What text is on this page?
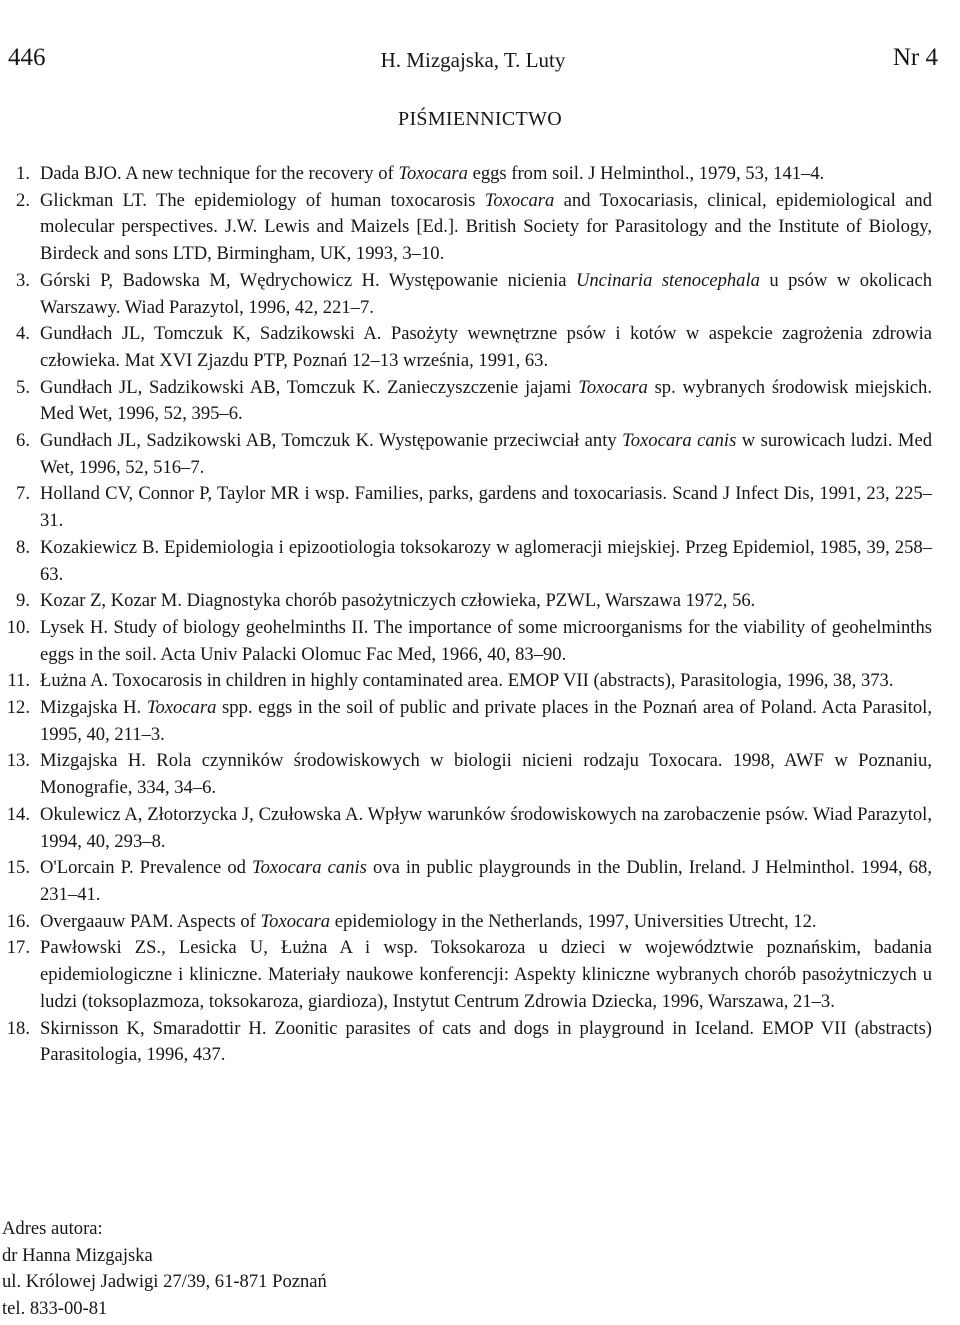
446	H. Mizgajska, T. Luty	Nr 4
PIŚMIENNICTWO
1. Dada BJO. A new technique for the recovery of Toxocara eggs from soil. J Helminthol., 1979, 53, 141–4.
2. Glickman LT. The epidemiology of human toxocarosis Toxocara and Toxocariasis, clinical, epidemiological and molecular perspectives. J.W. Lewis and Maizels [Ed.]. British Society for Parasitology and the Institute of Biology, Birdeck and sons LTD, Birmingham, UK, 1993, 3–10.
3. Górski P, Badowska M, Wędrychowicz H. Występowanie nicienia Uncinaria stenocephala u psów w okolicach Warszawy. Wiad Parazytol, 1996, 42, 221–7.
4. Gundłach JL, Tomczuk K, Sadzikowski A. Pasożyty wewnętrzne psów i kotów w aspekcie zagrożenia zdrowia człowieka. Mat XVI Zjazdu PTP, Poznań 12–13 września, 1991, 63.
5. Gundłach JL, Sadzikowski AB, Tomczuk K. Zanieczyszczenie jajami Toxocara sp. wybranych środowisk miejskich. Med Wet, 1996, 52, 395–6.
6. Gundłach JL, Sadzikowski AB, Tomczuk K. Występowanie przeciwciał anty Toxocara canis w surowicach ludzi. Med Wet, 1996, 52, 516–7.
7. Holland CV, Connor P, Taylor MR i wsp. Families, parks, gardens and toxocariasis. Scand J Infect Dis, 1991, 23, 225–31.
8. Kozakiewicz B. Epidemiologia i epizootiologia toksokarozy w aglomeracji miejskiej. Przeg Epidemiol, 1985, 39, 258–63.
9. Kozar Z, Kozar M. Diagnostyka chorób pasożytniczych człowieka, PZWL, Warszawa 1972, 56.
10. Lysek H. Study of biology geohelminths II. The importance of some microorganisms for the viability of geohelminths eggs in the soil. Acta Univ Palacki Olomuc Fac Med, 1966, 40, 83–90.
11. Łużna A. Toxocarosis in children in highly contaminated area. EMOP VII (abstracts), Parasitologia, 1996, 38, 373.
12. Mizgajska H. Toxocara spp. eggs in the soil of public and private places in the Poznań area of Poland. Acta Parasitol, 1995, 40, 211–3.
13. Mizgajska H. Rola czynników środowiskowych w biologii nicieni rodzaju Toxocara. 1998, AWF w Poznaniu, Monografie, 334, 34–6.
14. Okulewicz A, Złotorzycka J, Czułowska A. Wpływ warunków środowiskowych na zarobaczenie psów. Wiad Parazytol, 1994, 40, 293–8.
15. O'Lorcain P. Prevalence od Toxocara canis ova in public playgrounds in the Dublin, Ireland. J Helminthol. 1994, 68, 231–41.
16. Overgaauw PAM. Aspects of Toxocara epidemiology in the Netherlands, 1997, Universities Utrecht, 12.
17. Pawłowski ZS., Lesicka U, Łużna A i wsp. Toksokaroza u dzieci w województwie poznańskim, badania epidemiologiczne i kliniczne. Materiały naukowe konferencji: Aspekty kliniczne wybranych chorób pasożytniczych u ludzi (toksoplazmoza, toksokaroza, giardioza), Instytut Centrum Zdrowia Dziecka, 1996, Warszawa, 21–3.
18. Skirnisson K, Smaradottir H. Zoonitic parasites of cats and dogs in playground in Iceland. EMOP VII (abstracts) Parasitologia, 1996, 437.
Adres autora:
dr Hanna Mizgajska
ul. Królowej Jadwigi 27/39, 61-871 Poznań
tel. 833-00-81
